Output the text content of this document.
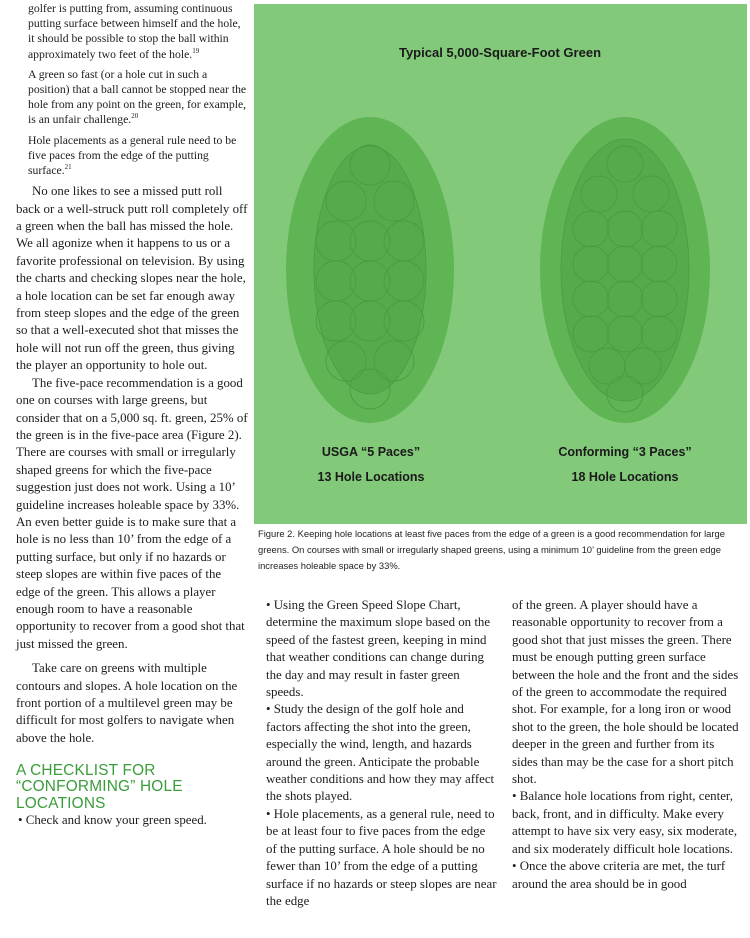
golfer is putting from, assuming continuous putting surface between himself and the hole, it should be possible to stop the ball within approximately two feet of the hole.$^{19}$

A green so fast (or a hole cut in such a position) that a ball cannot be stopped near the hole from any point on the green, for example, is an unfair challenge.$^{20}$

Hole placements as a general rule need to be five paces from the edge of the putting surface.$^{21}$

No one likes to see a missed putt roll back or a well-struck putt roll completely off a green when the ball has missed the hole. We all agonize when it happens to us or a favorite professional on television. By using the charts and checking slopes near the hole, a hole location can be set far enough away from steep slopes and the edge of the green so that a well-executed shot that misses the hole will not run off the green, thus giving the player an opportunity to hole out.

The five-pace recommendation is a good one on courses with large greens, but consider that on a 5,000 sq. ft. green, 25% of the green is in the five-pace area (Figure 2). There are courses with small or irregularly shaped greens for which the five-pace suggestion just does not work. Using a 10’ guideline increases holeable space by 33%. An even better guide is to make sure that a hole is no less than 10’ from the edge of a putting surface, but only if no hazards or steep slopes are within five paces of the edge of the green. This allows a player enough room to have a reasonable opportunity to recover from a good shot that just missed the green.

Take care on greens with multiple contours and slopes. A hole location on the front portion of a multilevel green may be difficult for most golfers to navigate when above the hole.

A CHECKLIST FOR
“CONFORMING” HOLE
LOCATIONS

• Check and know your green speed.

Typical 5,000-Square-Foot Green
USGA “5 Paces”
13 Hole Locations
Conforming “3 Paces”
18 Hole Locations

Figure 2. Keeping hole locations at least five paces from the edge of a green is a good recommendation for large greens. On courses with small or irregularly shaped greens, using a minimum 10’ guideline from the green edge increases holeable space by 33%.

• Using the Green Speed Slope Chart, determine the maximum slope based on the speed of the fastest green, keeping in mind that weather conditions can change during the day and may result in faster green speeds.

• Study the design of the golf hole and factors affecting the shot into the green, especially the wind, length, and hazards around the green. Anticipate the probable weather conditions and how they may affect the shots played.

• Hole placements, as a general rule, need to be at least four to five paces from the edge of the putting surface. A hole should be no fewer than 10’ from the edge of a putting surface if no hazards or steep slopes are near the edge

of the green. A player should have a reasonable opportunity to recover from a good shot that just misses the green. There must be enough putting green surface between the hole and the front and the sides of the green to accommodate the required shot. For example, for a long iron or wood shot to the green, the hole should be located deeper in the green and further from its sides than may be the case for a short pitch shot.

• Balance hole locations from right, center, back, front, and in difficulty. Make every attempt to have six very easy, six moderate, and six moderately difficult hole locations.

• Once the above criteria are met, the turf around the area should be in good
